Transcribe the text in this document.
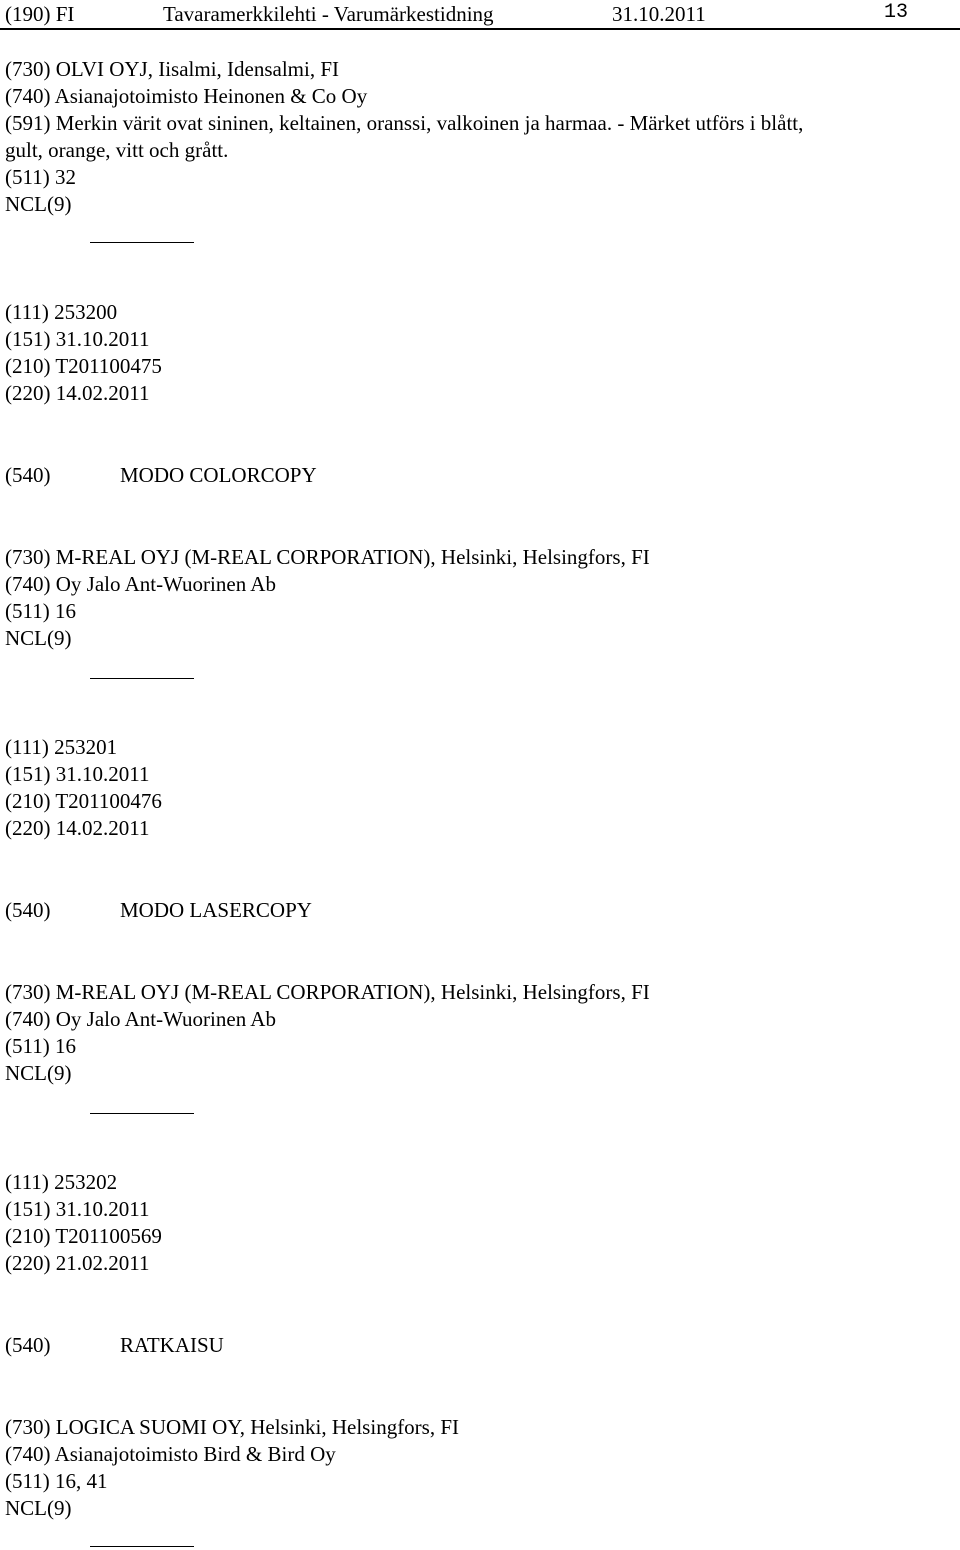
(190) FI	Tavaramerkkilehti - Varumärkestidning	31.10.2011	13
(730) OLVI OYJ, Iisalmi, Idensalmi, FI
(740) Asianajotoimisto Heinonen & Co Oy
(591) Merkin värit ovat sininen, keltainen, oranssi, valkoinen ja harmaa. - Märket utförs i blått,
gult, orange, vitt och grått.
(511) 32
NCL(9)
(111) 253200
(151) 31.10.2011
(210) T201100475
(220) 14.02.2011
(540)	MODO COLORCOPY
(730) M-REAL OYJ (M-REAL CORPORATION), Helsinki, Helsingfors, FI
(740) Oy Jalo Ant-Wuorinen Ab
(511) 16
NCL(9)
(111) 253201
(151) 31.10.2011
(210) T201100476
(220) 14.02.2011
(540)	MODO LASERCOPY
(730) M-REAL OYJ (M-REAL CORPORATION), Helsinki, Helsingfors, FI
(740) Oy Jalo Ant-Wuorinen Ab
(511) 16
NCL(9)
(111) 253202
(151) 31.10.2011
(210) T201100569
(220) 21.02.2011
(540)	RATKAISU
(730) LOGICA SUOMI OY, Helsinki, Helsingfors, FI
(740) Asianajotoimisto Bird & Bird Oy
(511) 16, 41
NCL(9)
